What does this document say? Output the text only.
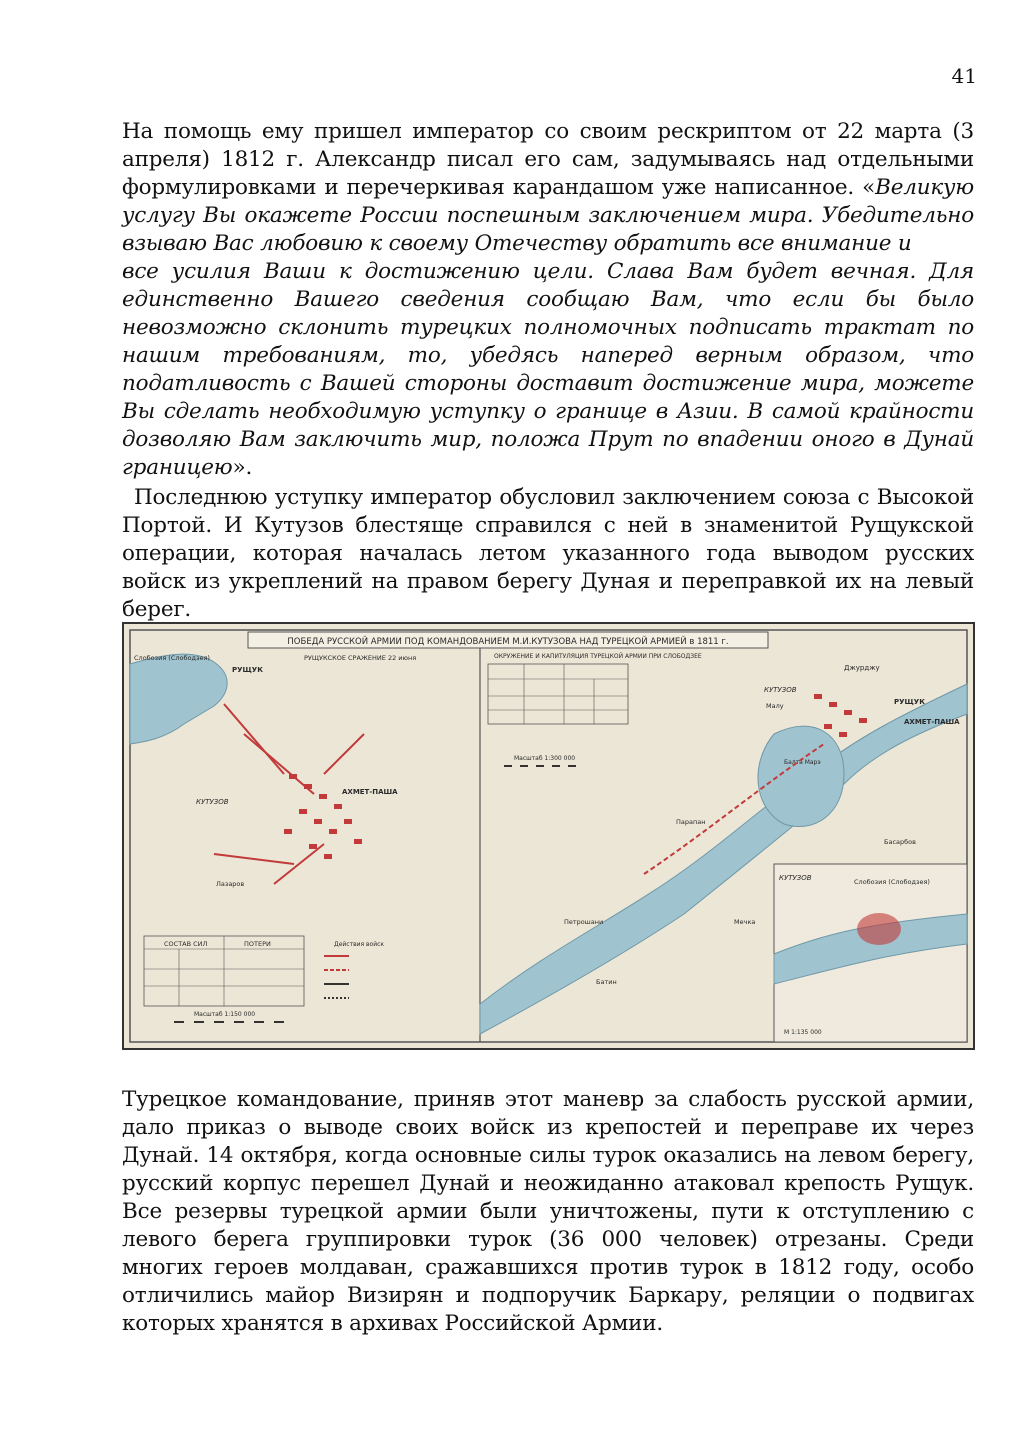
41

На помощь ему пришел император со своим рескриптом от 22 марта (3 апреля) 1812 г. Александр писал его сам, задумываясь над отдельными формулировками и перечеркивая карандашом уже написанное. «Великую услугу Вы окажете России поспешным заключением мира. Убедительно взываю Вас любовию к своему Отечеству обратить все внимание и

все усилия Ваши к достижению цели. Слава Вам будет вечная. Для единственно Вашего сведения сообщаю Вам, что если бы было невозможно склонить турецких полномочных подписать трактат по нашим требованиям, то, убедясь наперед верным образом, что податливость с Вашей стороны доставит достижение мира, можете Вы сделать необходимую уступку о границе в Азии. В самой крайности дозволяю Вам заключить мир, положа Прут по впадении оного в Дунай границею».

Последнюю уступку император обусловил заключением союза с Высокой Портой. И Кутузов блестяще справился с ней в знаменитой Рущукской операции, которая началась летом указанного года выводом русских войск из укреплений на правом берегу Дуная и переправкой их на левый берег.

ПОБЕДА РУССКОЙ АРМИИ ПОД КОМАНДОВАНИЕМ М.И.КУТУЗОВА НАД ТУРЕЦКОЙ АРМИЕЙ в 1811 г.
РУЩУКСКОЕ СРАЖЕНИЕ 22 июня
Слобозия (Слободзея)
РУЩУК
КУТУЗОВ
АХМЕТ-ПАША
Лазаров
СОСТАВ СИЛ	ПОТЕРИ	Действия войск
Масштаб 1:150 000
ОКРУЖЕНИЕ И КАПИТУЛЯЦИЯ ТУРЕЦКОЙ АРМИИ ПРИ СЛОБОДЗЕЕ
Джурджу
Малу
Парапан
Петрошани
Батин
Мечка
Басарбов
Балта Марэ
АХМЕТ-ПАША
РУЩУК
КУТУЗОВ
Масштаб 1:300 000
Слобозия (Слободзея)
КУТУЗОВ
М 1:135 000

Турецкое командование, приняв этот маневр за слабость русской армии, дало приказ о выводе своих войск из крепостей и переправе их через Дунай. 14 октября, когда основные силы турок оказались на левом берегу, русский корпус перешел Дунай и неожиданно атаковал крепость Рущук. Все резервы турецкой армии были уничтожены, пути к отступлению с левого берега группировки турок (36 000 человек) отрезаны. Среди многих героев молдаван, сражавшихся против турок в 1812 году, особо отличились майор Визирян и подпоручик Баркару, реляции о подвигах которых хранятся в архивах Российской Армии.
